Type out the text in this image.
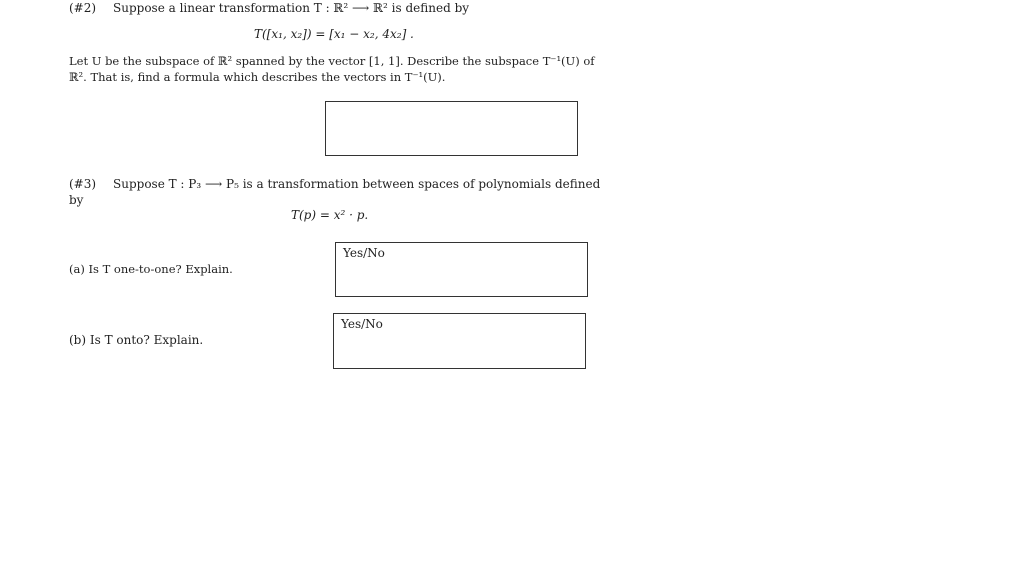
(#2) Suppose a linear transformation T : ℝ² ⟶ ℝ² is defined by
T([x₁, x₂]) = [x₁ − x₂, 4x₂] .
Let U be the subspace of ℝ² spanned by the vector [1, 1]. Describe the subspace T⁻¹(U) of
ℝ². That is, find a formula which describes the vectors in T⁻¹(U).
(#3) Suppose T : P₃ ⟶ P₅ is a transformation between spaces of polynomials defined
by
T(p) = x² · p.
(a) Is T one-to-one? Explain.
Yes/No
(b) Is T onto? Explain.
Yes/No
